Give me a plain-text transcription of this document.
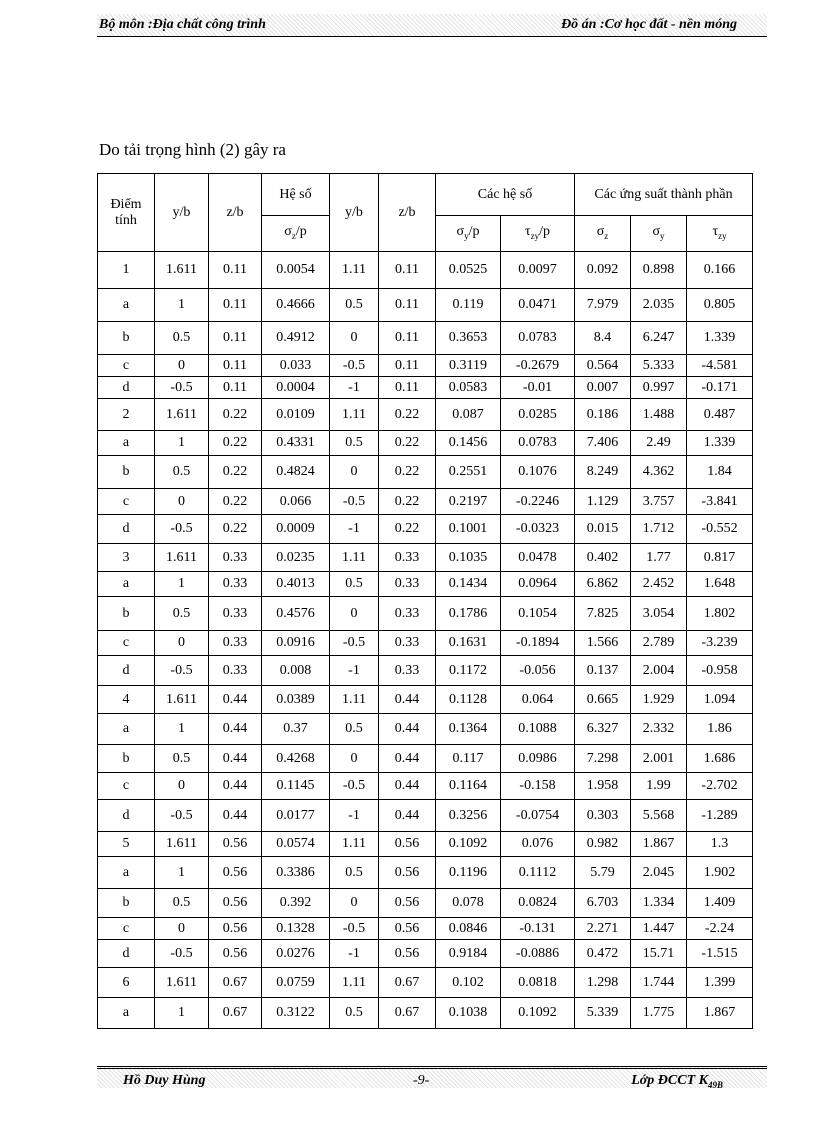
Bộ môn :Địa chất công trình	Đồ án :Cơ học đất - nền móng
Do tải trọng hình (2) gây ra
Điểm tính	y/b	z/b	Hệ số	y/b	z/b	Các hệ số		Các ứng suất thành phần		
			$\sigma_z/p$			$\sigma_y/p$	$\tau_{zy}/p$	$\sigma_z$	$\sigma_y$	$\tau_{zy}$
1	1.611	0.11	0.0054	1.11	0.11	0.0525	0.0097	0.092	0.898	0.166
a	1	0.11	0.4666	0.5	0.11	0.119	0.0471	7.979	2.035	0.805
b	0.5	0.11	0.4912	0	0.11	0.3653	0.0783	8.4	6.247	1.339
c	0	0.11	0.033	-0.5	0.11	0.3119	-0.2679	0.564	5.333	-4.581
d	-0.5	0.11	0.0004	-1	0.11	0.0583	-0.01	0.007	0.997	-0.171
2	1.611	0.22	0.0109	1.11	0.22	0.087	0.0285	0.186	1.488	0.487
a	1	0.22	0.4331	0.5	0.22	0.1456	0.0783	7.406	2.49	1.339
b	0.5	0.22	0.4824	0	0.22	0.2551	0.1076	8.249	4.362	1.84
c	0	0.22	0.066	-0.5	0.22	0.2197	-0.2246	1.129	3.757	-3.841
d	-0.5	0.22	0.0009	-1	0.22	0.1001	-0.0323	0.015	1.712	-0.552
3	1.611	0.33	0.0235	1.11	0.33	0.1035	0.0478	0.402	1.77	0.817
a	1	0.33	0.4013	0.5	0.33	0.1434	0.0964	6.862	2.452	1.648
b	0.5	0.33	0.4576	0	0.33	0.1786	0.1054	7.825	3.054	1.802
c	0	0.33	0.0916	-0.5	0.33	0.1631	-0.1894	1.566	2.789	-3.239
d	-0.5	0.33	0.008	-1	0.33	0.1172	-0.056	0.137	2.004	-0.958
4	1.611	0.44	0.0389	1.11	0.44	0.1128	0.064	0.665	1.929	1.094
a	1	0.44	0.37	0.5	0.44	0.1364	0.1088	6.327	2.332	1.86
b	0.5	0.44	0.4268	0	0.44	0.117	0.0986	7.298	2.001	1.686
c	0	0.44	0.1145	-0.5	0.44	0.1164	-0.158	1.958	1.99	-2.702
d	-0.5	0.44	0.0177	-1	0.44	0.3256	-0.0754	0.303	5.568	-1.289
5	1.611	0.56	0.0574	1.11	0.56	0.1092	0.076	0.982	1.867	1.3
a	1	0.56	0.3386	0.5	0.56	0.1196	0.1112	5.79	2.045	1.902
b	0.5	0.56	0.392	0	0.56	0.078	0.0824	6.703	1.334	1.409
c	0	0.56	0.1328	-0.5	0.56	0.0846	-0.131	2.271	1.447	-2.24
d	-0.5	0.56	0.0276	-1	0.56	0.9184	-0.0886	0.472	15.71	-1.515
6	1.611	0.67	0.0759	1.11	0.67	0.102	0.0818	1.298	1.744	1.399
a	1	0.67	0.3122	0.5	0.67	0.1038	0.1092	5.339	1.775	1.867
Hồ Duy Hùng	-9-	Lớp ĐCCT $K_{49B}$
